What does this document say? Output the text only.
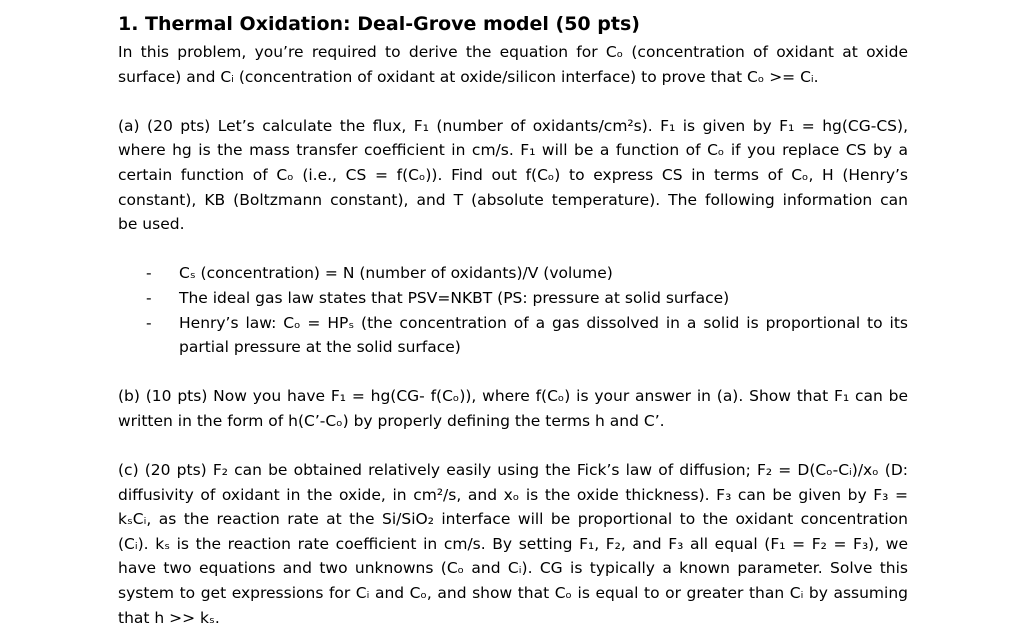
1. Thermal Oxidation: Deal-Grove model (50 pts)
In this problem, you’re required to derive the equation for Cₒ (concentration of oxidant at oxide
surface) and Cᵢ (concentration of oxidant at oxide/silicon interface) to prove that Cₒ >= Cᵢ.
(a) (20 pts) Let’s calculate the flux, F₁ (number of oxidants/cm²s). F₁ is given by F₁ = hg(CG-CS),
where hg is the mass transfer coefficient in cm/s. F₁ will be a function of Cₒ if you replace CS by a
certain function of Cₒ (i.e., CS = f(Cₒ)). Find out f(Cₒ) to express CS in terms of Cₒ, H (Henry’s
constant), KB (Boltzmann constant), and T (absolute temperature). The following information can
be used.
- Cₛ (concentration) = N (number of oxidants)/V (volume)
- The ideal gas law states that PSV=NKBT (PS: pressure at solid surface)
- Henry’s law: Cₒ = HPₛ (the concentration of a gas dissolved in a solid is proportional to its
partial pressure at the solid surface)
(b) (10 pts) Now you have F₁ = hg(CG- f(Cₒ)), where f(Cₒ) is your answer in (a). Show that F₁ can be
written in the form of h(C’-Cₒ) by properly defining the terms h and C’.
(c) (20 pts) F₂ can be obtained relatively easily using the Fick’s law of diffusion; F₂ = D(Cₒ-Cᵢ)/xₒ (D:
diffusivity of oxidant in the oxide, in cm²/s, and xₒ is the oxide thickness). F₃ can be given by F₃ =
kₛCᵢ, as the reaction rate at the Si/SiO₂ interface will be proportional to the oxidant concentration
(Cᵢ). kₛ is the reaction rate coefficient in cm/s. By setting F₁, F₂, and F₃ all equal (F₁ = F₂ = F₃), we
have two equations and two unknowns (Cₒ and Cᵢ). CG is typically a known parameter. Solve this
system to get expressions for Cᵢ and Cₒ, and show that Cₒ is equal to or greater than Cᵢ by assuming
that h >> kₛ.
